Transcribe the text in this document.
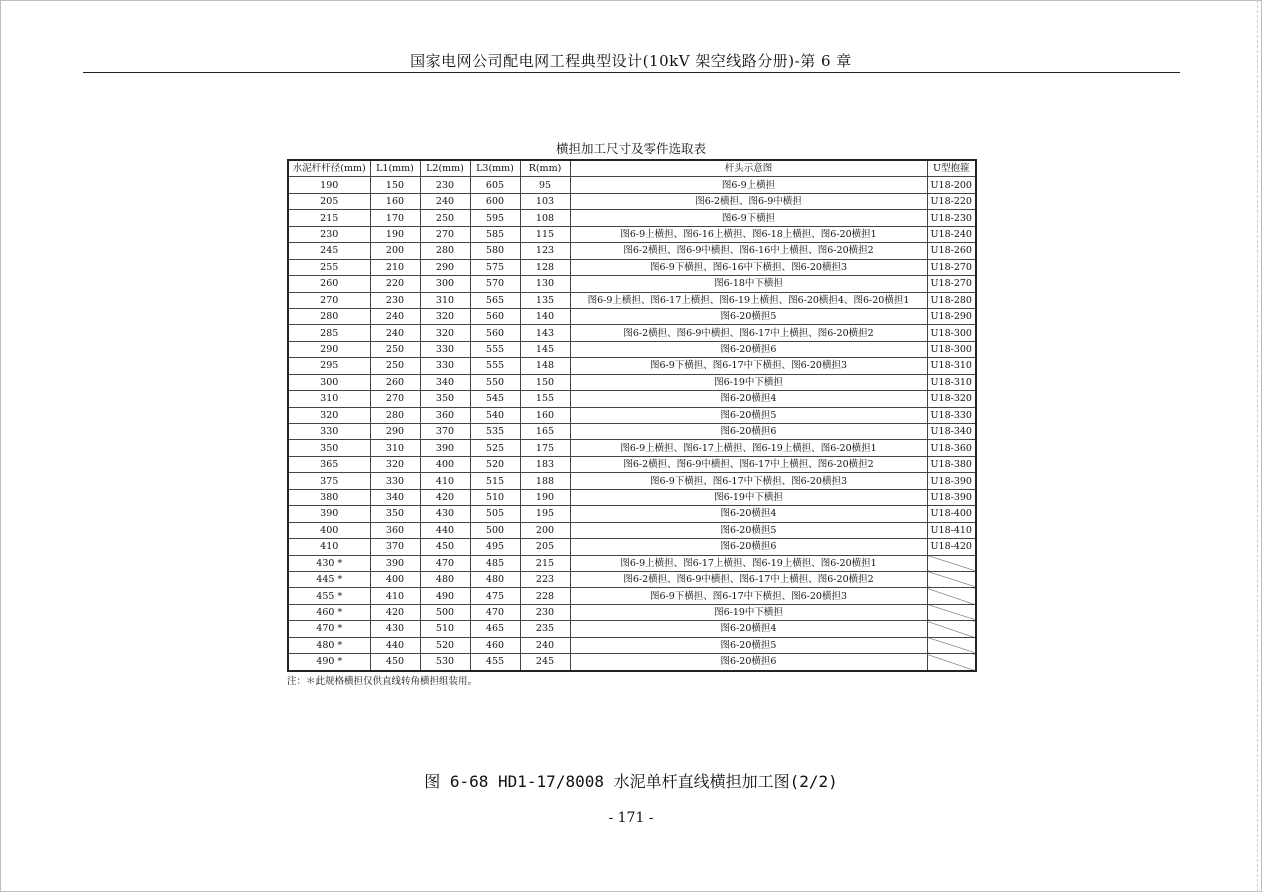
国家电网公司配电网工程典型设计(10kV 架空线路分册)-第 6 章
横担加工尺寸及零件选取表
水泥杆杆径(mm)	L1(mm)	L2(mm)	L3(mm)	R(mm)	杆头示意图	U型抱箍
190	150	230	605	95	图6-9上横担	U18-200
205	160	240	600	103	图6-2横担、图6-9中横担	U18-220
215	170	250	595	108	图6-9下横担	U18-230
230	190	270	585	115	图6-9上横担、图6-16上横担、图6-18上横担、图6-20横担1	U18-240
245	200	280	580	123	图6-2横担、图6-9中横担、图6-16中上横担、图6-20横担2	U18-260
255	210	290	575	128	图6-9下横担、图6-16中下横担、图6-20横担3	U18-270
260	220	300	570	130	图6-18中下横担	U18-270
270	230	310	565	135	图6-9上横担、图6-17上横担、图6-19上横担、图6-20横担4、图6-20横担1	U18-280
280	240	320	560	140	图6-20横担5	U18-290
285	240	320	560	143	图6-2横担、图6-9中横担、图6-17中上横担、图6-20横担2	U18-300
290	250	330	555	145	图6-20横担6	U18-300
295	250	330	555	148	图6-9下横担、图6-17中下横担、图6-20横担3	U18-310
300	260	340	550	150	图6-19中下横担	U18-310
310	270	350	545	155	图6-20横担4	U18-320
320	280	360	540	160	图6-20横担5	U18-330
330	290	370	535	165	图6-20横担6	U18-340
350	310	390	525	175	图6-9上横担、图6-17上横担、图6-19上横担、图6-20横担1	U18-360
365	320	400	520	183	图6-2横担、图6-9中横担、图6-17中上横担、图6-20横担2	U18-380
375	330	410	515	188	图6-9下横担、图6-17中下横担、图6-20横担3	U18-390
380	340	420	510	190	图6-19中下横担	U18-390
390	350	430	505	195	图6-20横担4	U18-400
400	360	440	500	200	图6-20横担5	U18-410
410	370	450	495	205	图6-20横担6	U18-420
430 *	390	470	485	215	图6-9上横担、图6-17上横担、图6-19上横担、图6-20横担1	
445 *	400	480	480	223	图6-2横担、图6-9中横担、图6-17中上横担、图6-20横担2	
455 *	410	490	475	228	图6-9下横担、图6-17中下横担、图6-20横担3	
460 *	420	500	470	230	图6-19中下横担	
470 *	430	510	465	235	图6-20横担4	
480 *	440	520	460	240	图6-20横担5	
490 *	450	530	455	245	图6-20横担6	
注：＊此规格横担仅供直线转角横担组装用。
图 6-68 HD1-17/8008 水泥单杆直线横担加工图(2/2)
- 171 -
